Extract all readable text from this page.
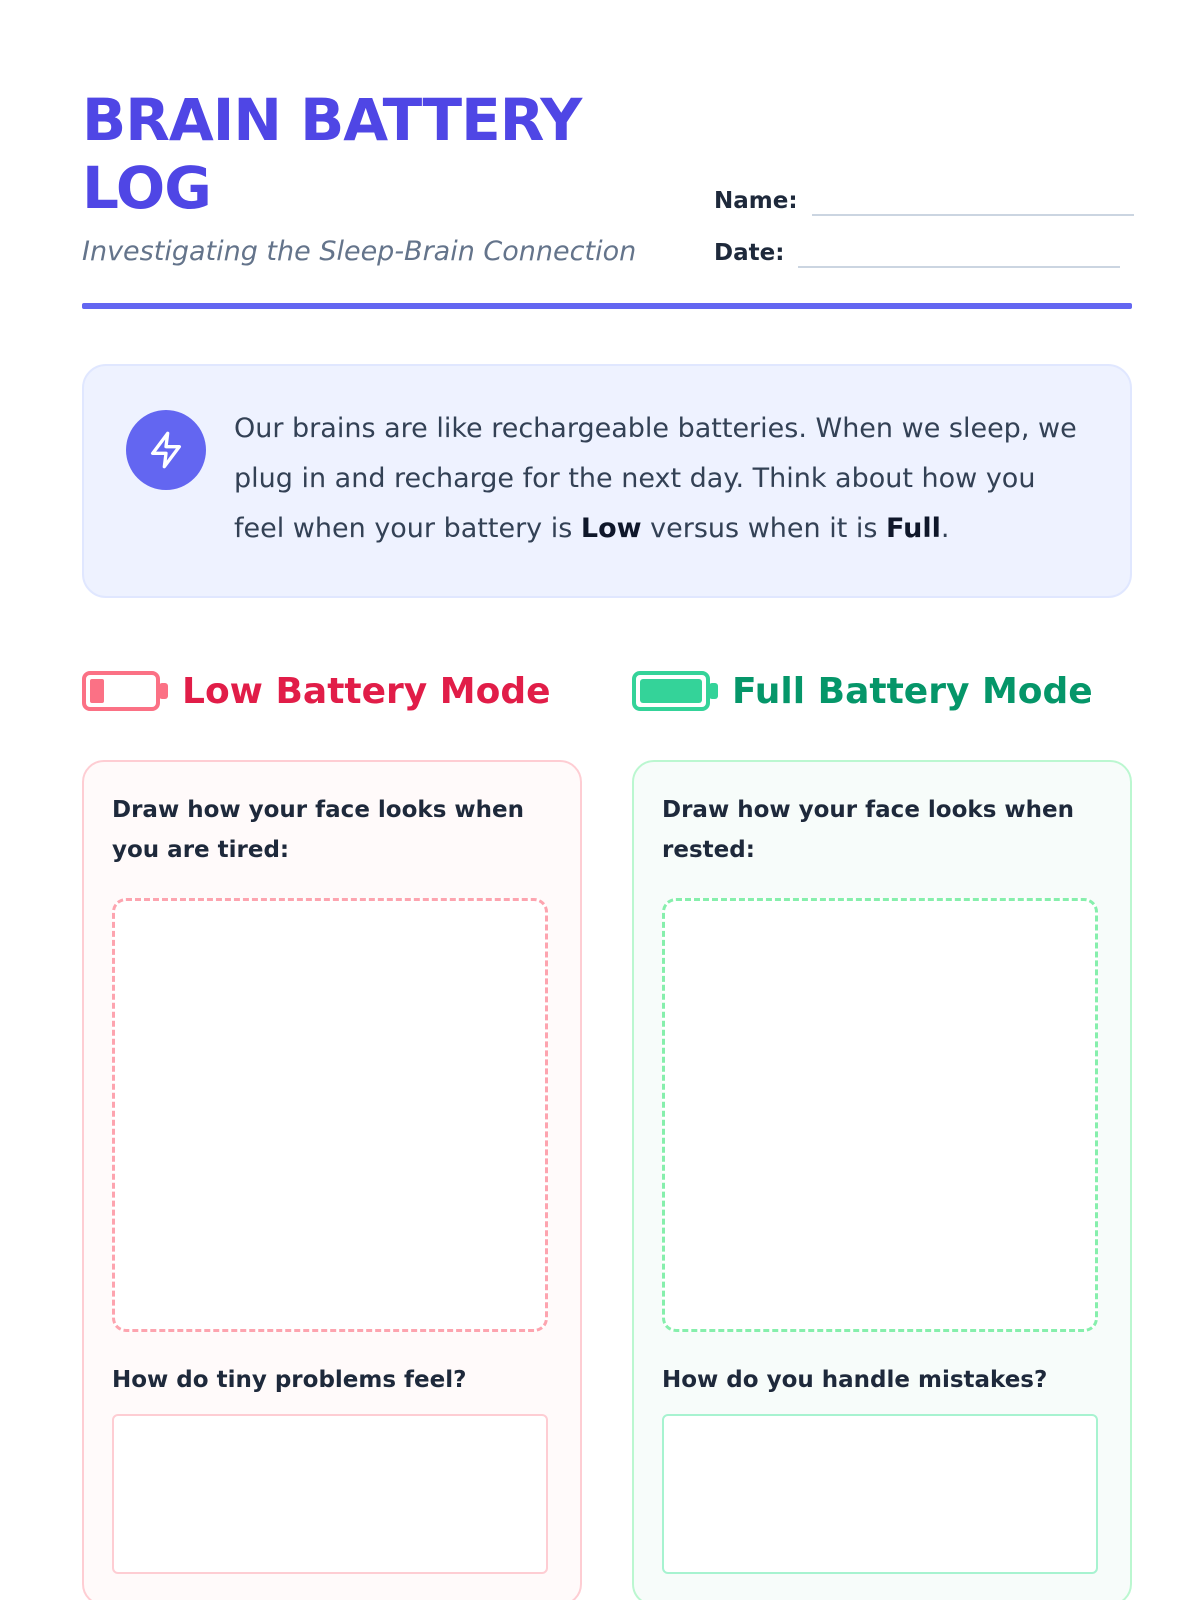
BRAIN BATTERY LOG
Investigating the Sleep-Brain Connection
Name:
Date:

Our brains are like rechargeable batteries. When we sleep, we plug in and recharge for the next day. Think about how you feel when your battery is Low versus when it is Full.

Low Battery Mode	Full Battery Mode
Draw how your face looks when you are tired:
How do tiny problems feel?
Draw how your face looks when rested:
How do you handle mistakes?
